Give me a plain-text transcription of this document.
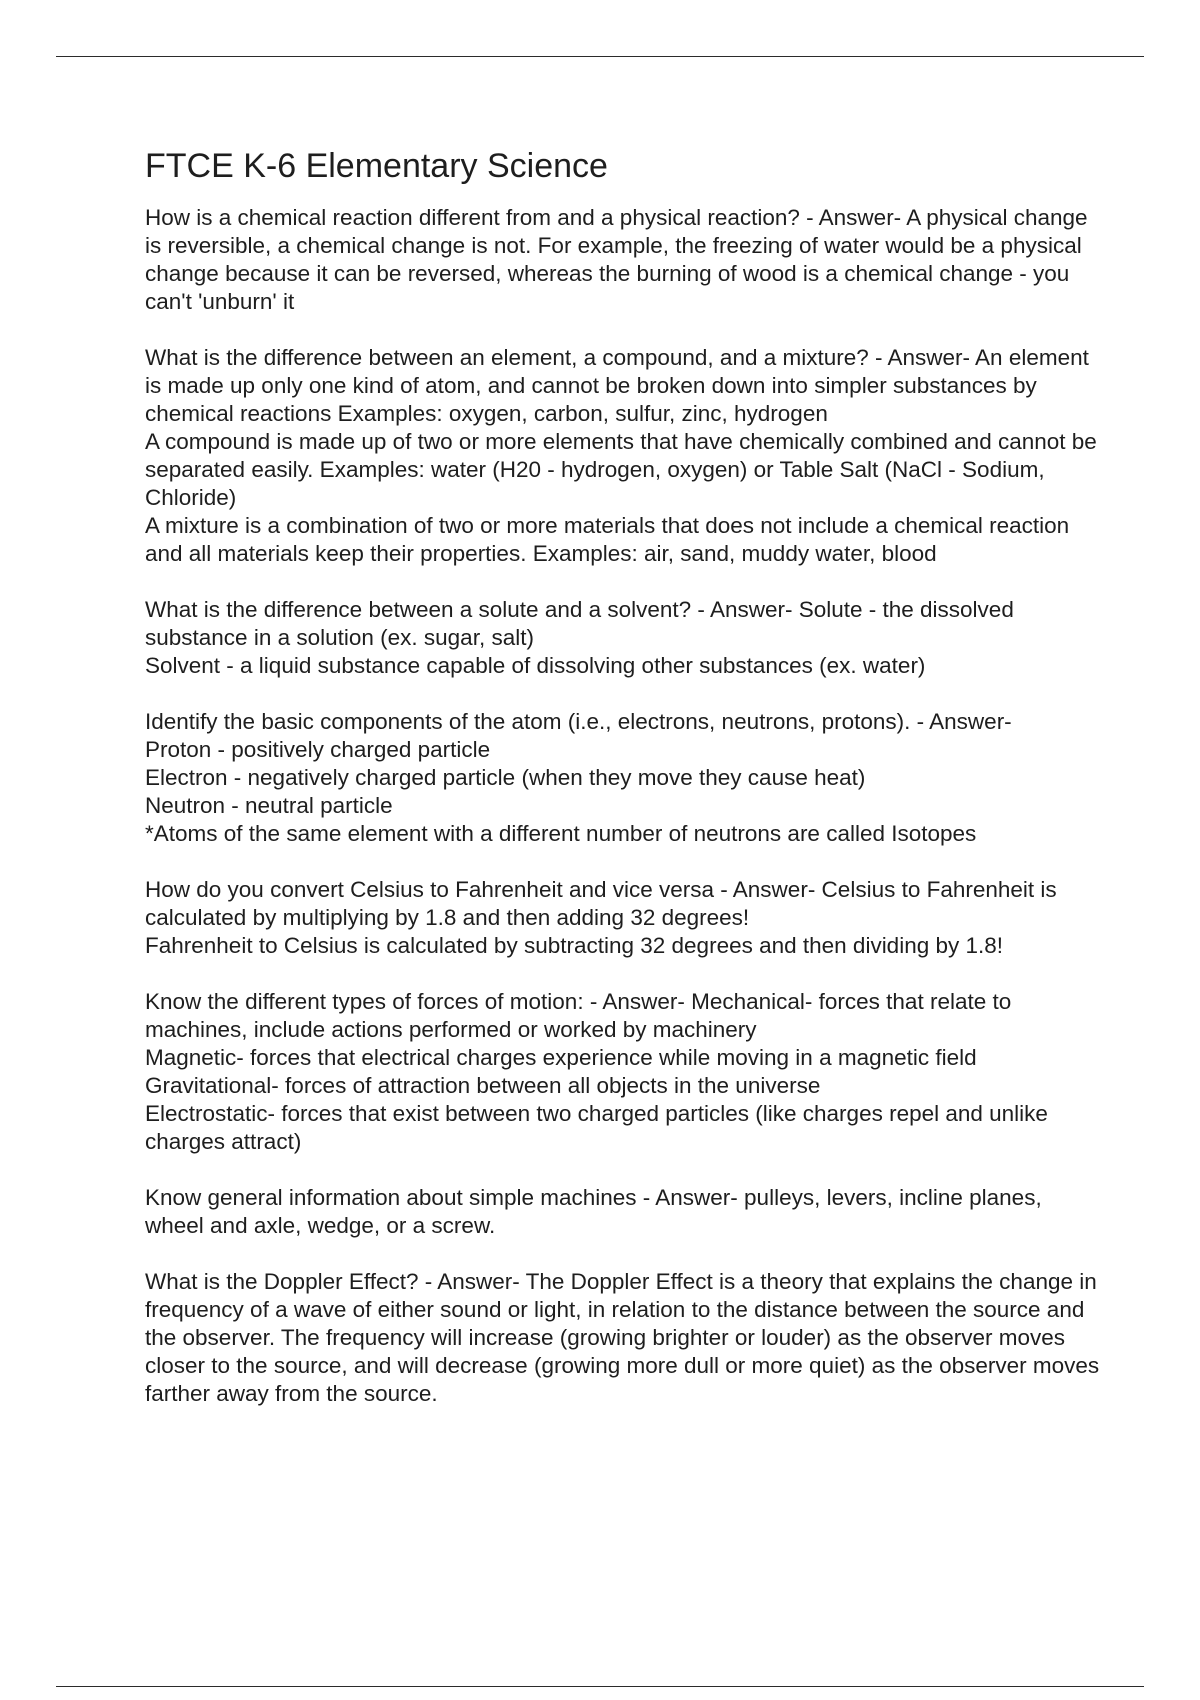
FTCE K-6 Elementary Science

How is a chemical reaction different from and a physical reaction? - Answer- A physical change is reversible, a chemical change is not. For example, the freezing of water would be a physical change because it can be reversed, whereas the burning of wood is a chemical change - you can't 'unburn' it

What is the difference between an element, a compound, and a mixture? - Answer- An element is made up only one kind of atom, and cannot be broken down into simpler substances by chemical reactions Examples: oxygen, carbon, sulfur, zinc, hydrogen

A compound is made up of two or more elements that have chemically combined and cannot be separated easily. Examples: water (H20 - hydrogen, oxygen) or Table Salt (NaCl - Sodium, Chloride)

A mixture is a combination of two or more materials that does not include a chemical reaction and all materials keep their properties. Examples: air, sand, muddy water, blood

What is the difference between a solute and a solvent? - Answer- Solute - the dissolved substance in a solution (ex. sugar, salt)

Solvent - a liquid substance capable of dissolving other substances (ex. water)

Identify the basic components of the atom (i.e., electrons, neutrons, protons). - Answer-

Proton - positively charged particle

Electron - negatively charged particle (when they move they cause heat)

Neutron - neutral particle

*Atoms of the same element with a different number of neutrons are called Isotopes

How do you convert Celsius to Fahrenheit and vice versa - Answer- Celsius to Fahrenheit is calculated by multiplying by 1.8 and then adding 32 degrees!

Fahrenheit to Celsius is calculated by subtracting 32 degrees and then dividing by 1.8!

Know the different types of forces of motion: - Answer- Mechanical- forces that relate to machines, include actions performed or worked by machinery

Magnetic- forces that electrical charges experience while moving in a magnetic field

Gravitational- forces of attraction between all objects in the universe

Electrostatic- forces that exist between two charged particles (like charges repel and unlike charges attract)

Know general information about simple machines - Answer- pulleys, levers, incline planes, wheel and axle, wedge, or a screw.

What is the Doppler Effect? - Answer- The Doppler Effect is a theory that explains the change in frequency of a wave of either sound or light, in relation to the distance between the source and the observer. The frequency will increase (growing brighter or louder) as the observer moves closer to the source, and will decrease (growing more dull or more quiet) as the observer moves farther away from the source.
